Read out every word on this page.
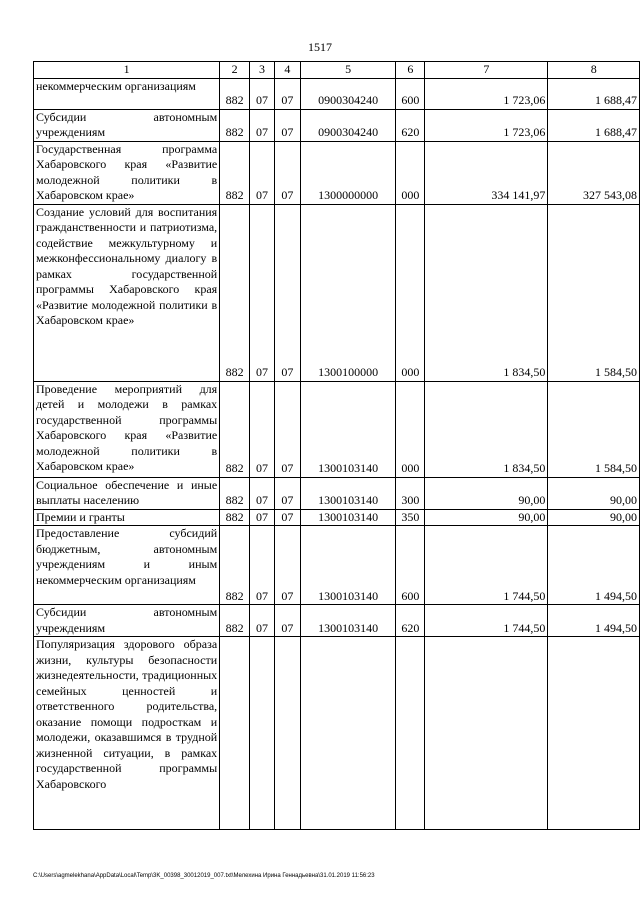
1517
1	2	3	4	5	6	7	8

некоммерческим организациям	882	07	07	0900304240	600	1 723,06	1 688,47

Субсидии автономным учреждениям	882	07	07	0900304240	620	1 723,06	1 688,47

Государственная программа Хабаровского края «Развитие молодежной политики в Хабаровском крае»	882	07	07	1300000000	000	334 141,97	327 543,08

Создание условий для воспитания гражданственности и патриотизма, содействие межкультурному и межконфессиональному диалогу в рамках государственной программы Хабаровского края «Развитие молодежной политики в Хабаровском крае»	882	07	07	1300100000	000	1 834,50	1 584,50

Проведение мероприятий для детей и молодежи в рамках государственной программы Хабаровского края «Развитие молодежной политики в Хабаровском крае»	882	07	07	1300103140	000	1 834,50	1 584,50

Социальное обеспечение и иные выплаты населению	882	07	07	1300103140	300	90,00	90,00

Премии и гранты	882	07	07	1300103140	350	90,00	90,00

Предоставление субсидий бюджетным, автономным учреждениям и иным некоммерческим организациям	882	07	07	1300103140	600	1 744,50	1 494,50

Субсидии автономным учреждениям	882	07	07	1300103140	620	1 744,50	1 494,50

Популяризация здорового образа жизни, культуры безопасности жизнедеятельности, традиционных семейных ценностей и ответственного родительства, оказание помощи подросткам и молодежи, оказавшимся в трудной жизненной ситуации, в рамках государственной программы Хабаровского							

C:\Users\agmelekhana\AppData\Local\Temp\3K_00398_30012019_007.txt\Мелехина Ирина Геннадьевна\31.01.2019 11:56:23
